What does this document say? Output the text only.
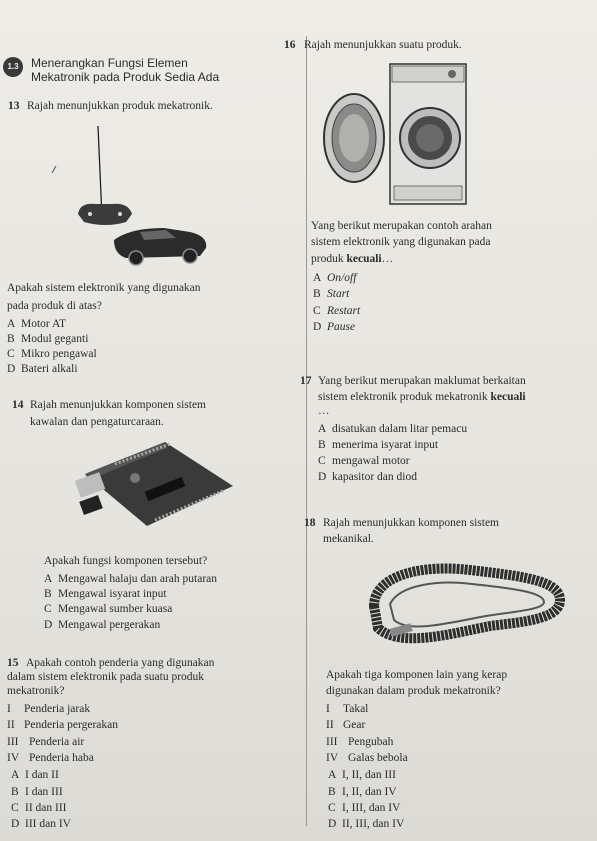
1.3	Menerangkan Fungsi Elemen
Mekatronik pada Produk Sedia Ada
13 Rajah menunjukkan produk mekatronik.
Apakah sistem elektronik yang digunakan
pada produk di atas?
A Motor AT
B Modul geganti
C Mikro pengawal
D Bateri alkali
14 Rajah menunjukkan komponen sistem
kawalan dan pengaturcaraan.
Apakah fungsi komponen tersebut?
A Mengawal halaju dan arah putaran
B Mengawal isyarat input
C Mengawal sumber kuasa
D Mengawal pergerakan
15 Apakah contoh penderia yang digunakan
dalam sistem elektronik pada suatu produk
mekatronik?
I Penderia jarak
II Penderia pergerakan
III Penderia air
IV Penderia haba
A I dan II
B I dan III
C II dan III
D III dan IV
16 Rajah menunjukkan suatu produk.
Yang berikut merupakan contoh arahan
sistem elektronik yang digunakan pada
produk kecuali…
A On/off
B Start
C Restart
D Pause
17 Yang berikut merupakan maklumat berkaitan
sistem elektronik produk mekatronik kecuali
…
A disatukan dalam litar pemacu
B menerima isyarat input
C mengawal motor
D kapasitor dan diod
18 Rajah menunjukkan komponen sistem
mekanikal.
Apakah tiga komponen lain yang kerap
digunakan dalam produk mekatronik?
I Takal
II Gear
III Pengubah
IV Galas bebola
A I, II, dan III
B I, II, dan IV
C I, III, dan IV
D II, III, dan IV
